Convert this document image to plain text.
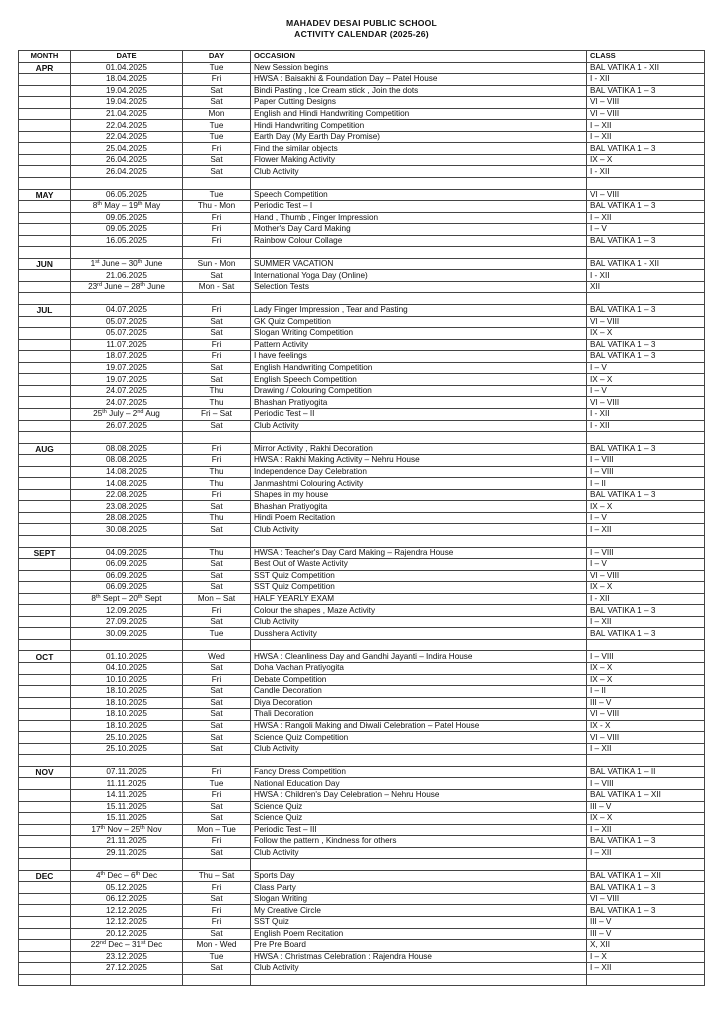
MAHADEV DESAI PUBLIC SCHOOL
ACTIVITY CALENDAR (2025-26)
MONTH	DATE	DAY	OCCASION	CLASS
APR	01.04.2025	Tue	New Session begins	BAL VATIKA 1 - XII
	18.04.2025	Fri	HWSA : Baisakhi & Foundation Day – Patel House	I - XII
	19.04.2025	Sat	Bindi Pasting , Ice Cream stick , Join the dots	BAL VATIKA 1 – 3
	19.04.2025	Sat	Paper Cutting Designs	VI – VIII
	21.04.2025	Mon	English and Hindi Handwriting Competition	VI – VIII
	22.04.2025	Tue	Hindi Handwriting Competition	I – XII
	22.04.2025	Tue	Earth Day (My Earth Day Promise)	I – XII
	25.04.2025	Fri	Find the similar objects	BAL VATIKA 1 – 3
	26.04.2025	Sat	Flower Making Activity	IX – X
	26.04.2025	Sat	Club Activity	I - XII

MAY	06.05.2025	Tue	Speech Competition	VI – VIII
	8th May – 19th May	Thu - Mon	Periodic Test – I	BAL VATIKA 1 – 3
	09.05.2025	Fri	Hand , Thumb , Finger Impression	I – XII
	09.05.2025	Fri	Mother's Day Card Making	I – V
	16.05.2025	Fri	Rainbow Colour Collage	BAL VATIKA 1 – 3

JUN	1st June – 30th June	Sun - Mon	SUMMER VACATION	BAL VATIKA 1 - XII
	21.06.2025	Sat	International Yoga Day (Online)	I - XII
	23rd June – 28th June	Mon - Sat	Selection Tests	XII

JUL	04.07.2025	Fri	Lady Finger Impression , Tear and Pasting	BAL VATIKA 1 – 3
	05.07.2025	Sat	GK Quiz Competition	VI – VIII
	05.07.2025	Sat	Slogan Writing Competition	IX – X
	11.07.2025	Fri	Pattern Activity	BAL VATIKA 1 – 3
	18.07.2025	Fri	I have feelings	BAL VATIKA 1 – 3
	19.07.2025	Sat	English Handwriting Competition	I – V
	19.07.2025	Sat	English Speech Competition	IX – X
	24.07.2025	Thu	Drawing / Colouring Competition	I – V
	24.07.2025	Thu	Bhashan Pratiyogita	VI – VIII
	25th July – 2nd Aug	Fri – Sat	Periodic Test – II	I - XII
	26.07.2025	Sat	Club Activity	I - XII

AUG	08.08.2025	Fri	Mirror Activity , Rakhi Decoration	BAL VATIKA 1 – 3
	08.08.2025	Fri	HWSA : Rakhi Making Activity – Nehru House	I – VIII
	14.08.2025	Thu	Independence Day Celebration	I – VIII
	14.08.2025	Thu	Janmashtmi Colouring Activity	I – II
	22.08.2025	Fri	Shapes in my house	BAL VATIKA 1 – 3
	23.08.2025	Sat	Bhashan Pratiyogita	IX – X
	28.08.2025	Thu	Hindi Poem Recitation	I – V
	30.08.2025	Sat	Club Activity	I – XII

SEPT	04.09.2025	Thu	HWSA : Teacher's Day Card Making – Rajendra House	I – VIII
	06.09.2025	Sat	Best Out of Waste Activity	I – V
	06.09.2025	Sat	SST Quiz Competition	VI – VIII
	06.09.2025	Sat	SST Quiz Competition	IX – X
	8th Sept – 20th Sept	Mon – Sat	HALF YEARLY EXAM	I - XII
	12.09.2025	Fri	Colour the shapes , Maze Activity	BAL VATIKA 1 – 3
	27.09.2025	Sat	Club Activity	I – XII
	30.09.2025	Tue	Dusshera Activity	BAL VATIKA 1 – 3

OCT	01.10.2025	Wed	HWSA : Cleanliness Day and Gandhi Jayanti – Indira House	I – VIII
	04.10.2025	Sat	Doha Vachan Pratiyogita	IX – X
	10.10.2025	Fri	Debate Competition	IX – X
	18.10.2025	Sat	Candle Decoration	I – II
	18.10.2025	Sat	Diya Decoration	III – V
	18.10.2025	Sat	Thali Decoration	VI – VIII
	18.10.2025	Sat	HWSA : Rangoli Making and Diwali Celebration – Patel House	IX - X
	25.10.2025	Sat	Science Quiz Competition	VI – VIII
	25.10.2025	Sat	Club Activity	I – XII

NOV	07.11.2025	Fri	Fancy Dress Competition	BAL VATIKA 1 – II
	11.11.2025	Tue	National Education Day	I – VIII
	14.11.2025	Fri	HWSA : Children's Day Celebration – Nehru House	BAL VATIKA 1 – XII
	15.11.2025	Sat	Science Quiz	III – V
	15.11.2025	Sat	Science Quiz	IX – X
	17th Nov – 25th Nov	Mon – Tue	Periodic Test – III	I – XII
	21.11.2025	Fri	Follow the pattern , Kindness for others	BAL VATIKA 1 – 3
	29.11.2025	Sat	Club Activity	I – XII

DEC	4th Dec – 6th Dec	Thu – Sat	Sports Day	BAL VATIKA 1 – XII
	05.12.2025	Fri	Class Party	BAL VATIKA 1 – 3
	06.12.2025	Sat	Slogan Writing	VI – VIII
	12.12.2025	Fri	My Creative Circle	BAL VATIKA 1 – 3
	12.12.2025	Fri	SST Quiz	III – V
	20.12.2025	Sat	English Poem Recitation	III – V
	22nd Dec – 31st Dec	Mon - Wed	Pre Pre Board	X, XII
	23.12.2025	Tue	HWSA : Christmas Celebration : Rajendra House	I – X
	27.12.2025	Sat	Club Activity	I – XII
